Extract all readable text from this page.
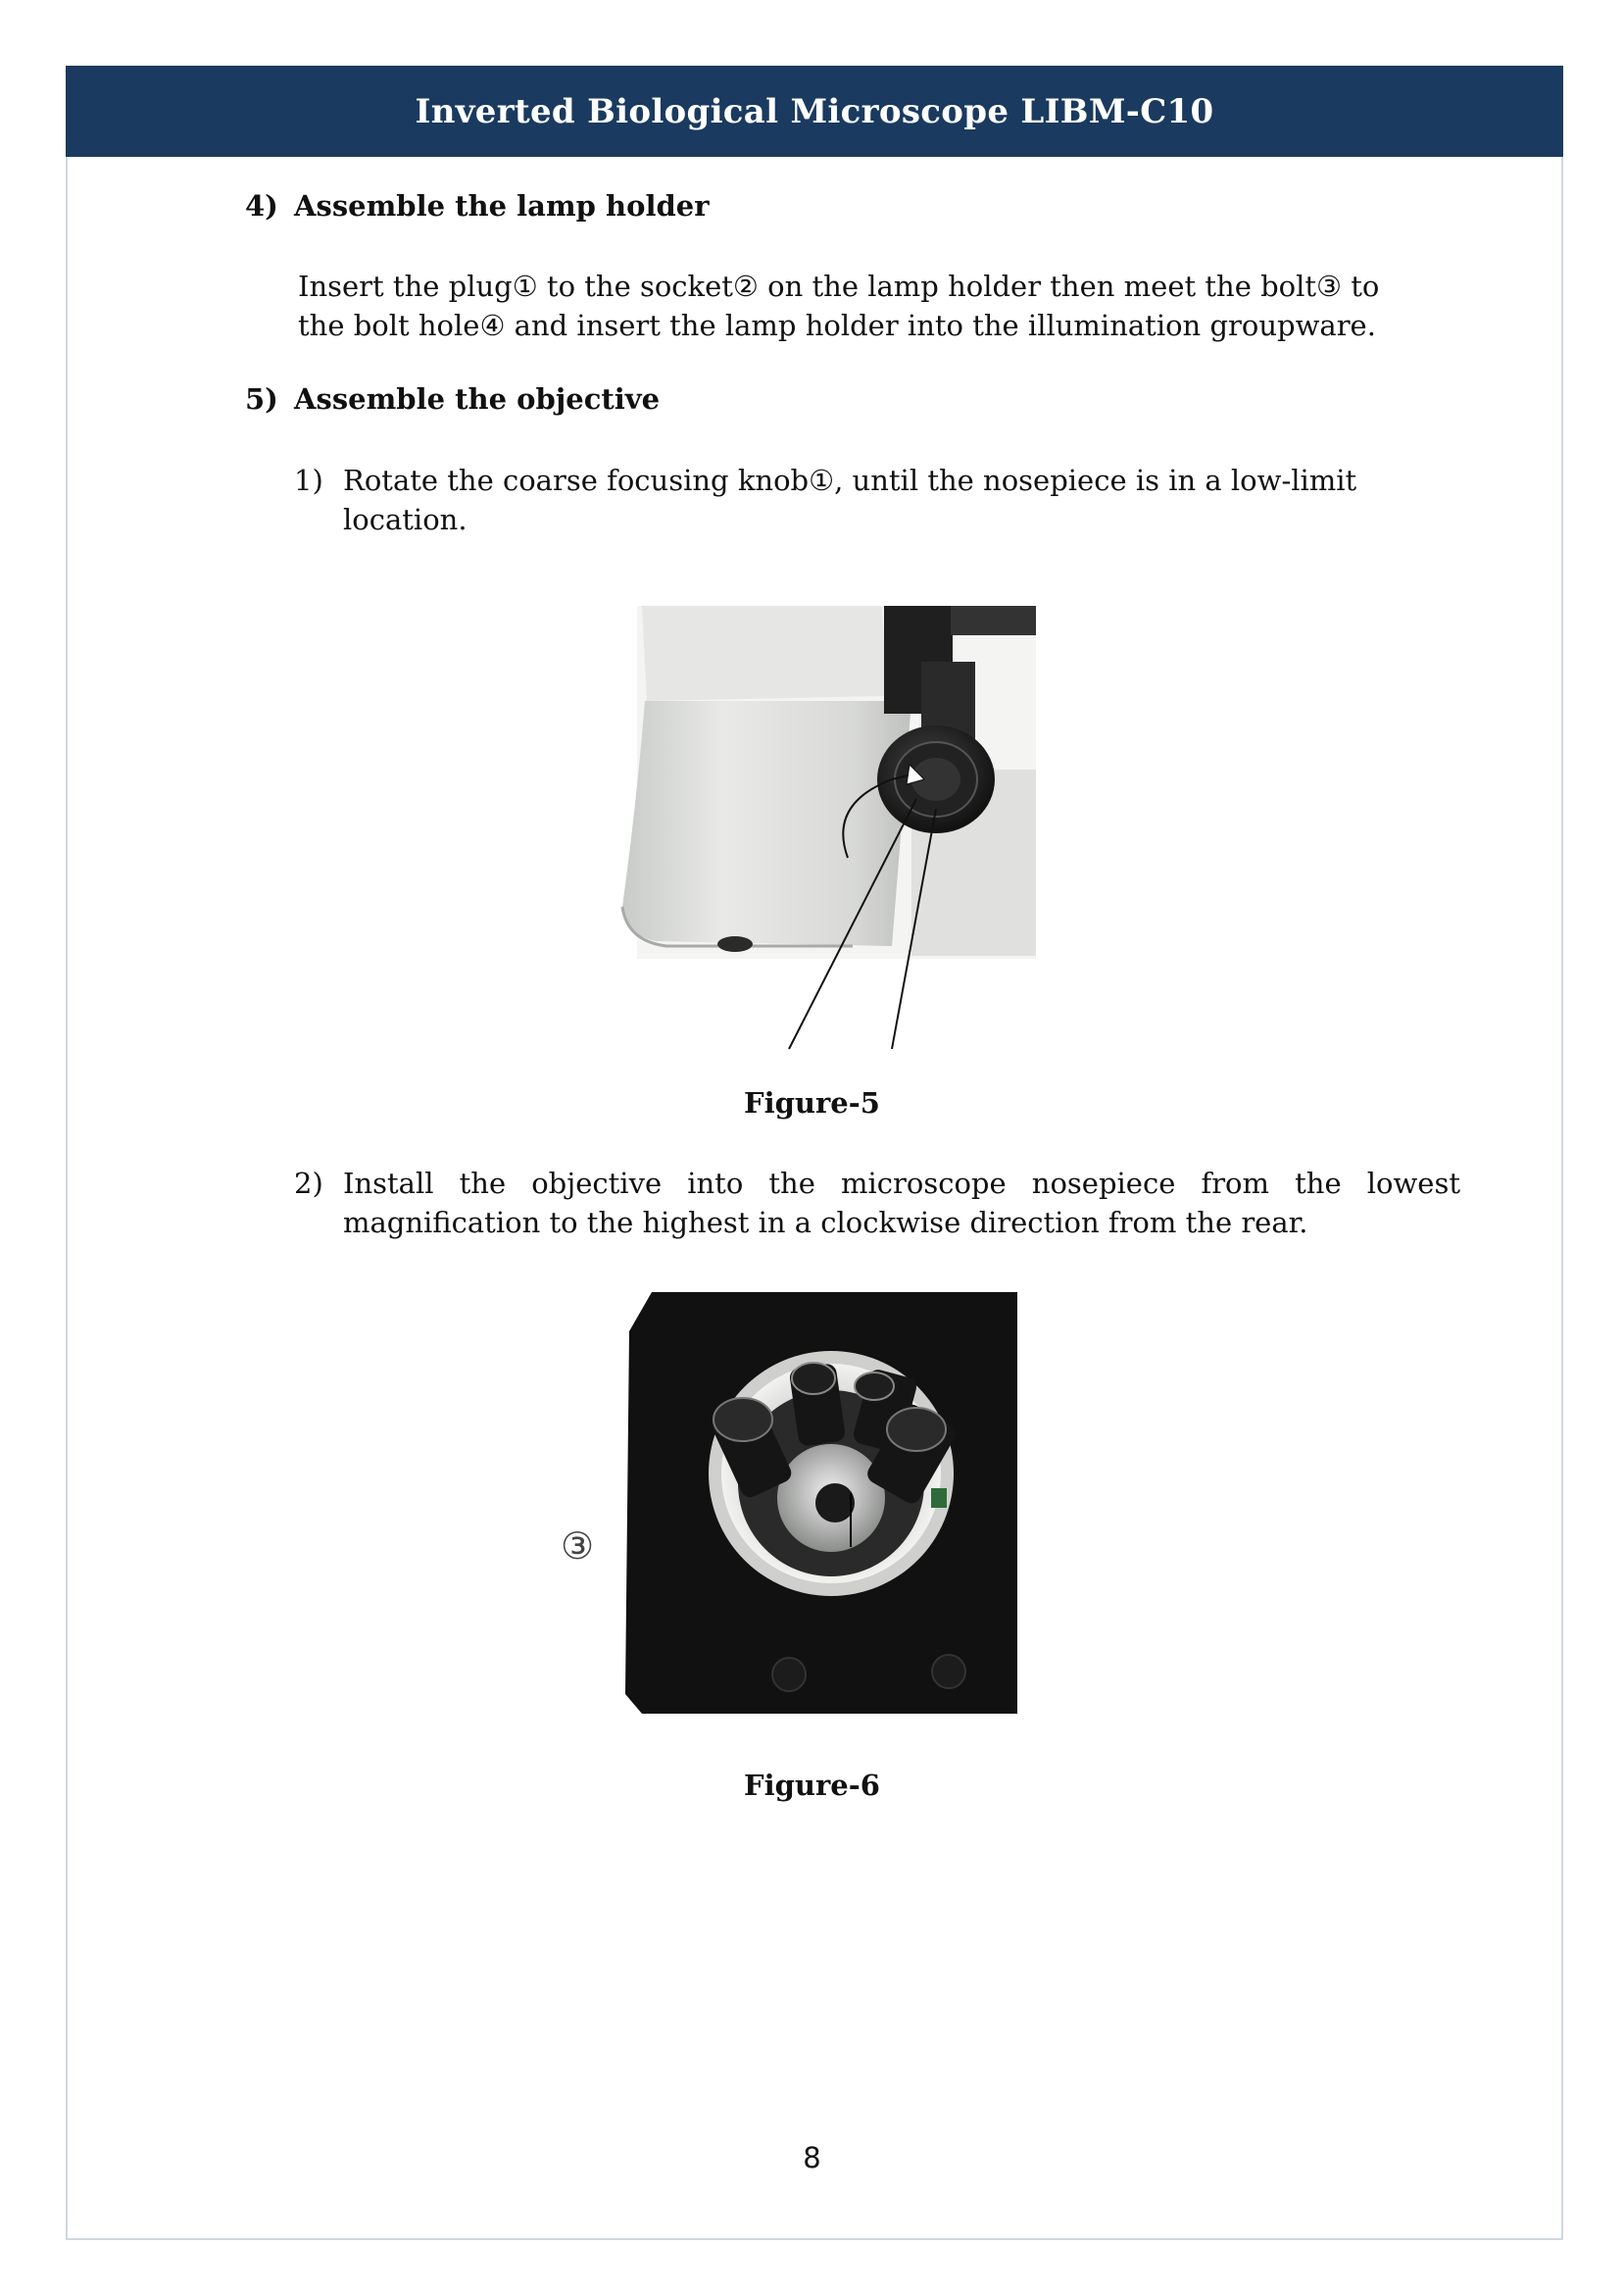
Inverted Biological Microscope LIBM-C10
4) Assemble the lamp holder
Insert the plug① to the socket② on the lamp holder then meet the bolt③ to
the bolt hole④ and insert the lamp holder into the illumination groupware.
5) Assemble the objective
1) Rotate the coarse focusing knob①, until the nosepiece is in a low-limit location.
Figure-5
2) Install the objective into the microscope nosepiece from the lowest magnification to the highest in a clockwise direction from the rear.
③
Figure-6
8
